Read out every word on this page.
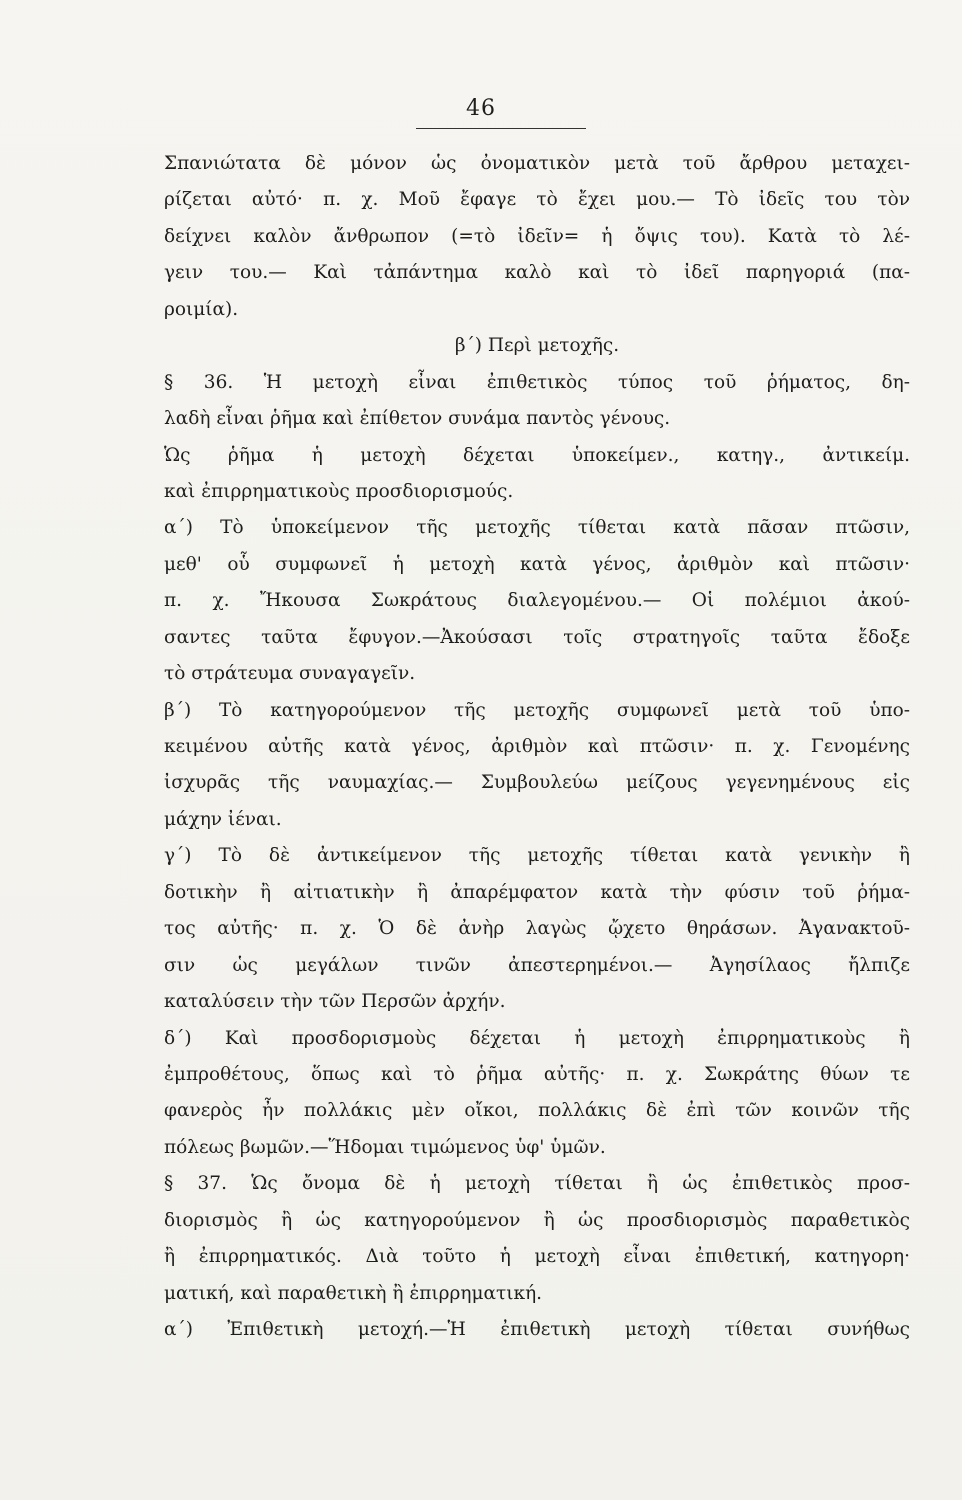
46
Σπανιώτατα δὲ μόνον ὡς ὀνοματικὸν μετὰ τοῦ ἄρθρου μεταχει-
ρίζεται αὐτό· π. χ. Μοῦ ἔφαγε τὸ ἔχει μου.— Τὸ ἰδεῖς του τὸν
δείχνει καλὸν ἄνθρωπον (=τὸ ἰδεῖν= ἡ ὄψις του). Κατὰ τὸ λέ-
γειν του.— Καὶ τἀπάντημα καλὸ καὶ τὸ ἰδεῖ παρηγοριά (πα-
ροιμία).
β΄) Περὶ μετοχῆς.
§ 36. Ἡ μετοχὴ εἶναι ἐπιθετικὸς τύπος τοῦ ῥήματος, δη-
λαδὴ εἶναι ῥῆμα καὶ ἐπίθετον συνάμα παντὸς γένους.
Ὡς ῥῆμα ἡ μετοχὴ δέχεται ὑποκείμεν., κατηγ., ἀντικείμ.
καὶ ἐπιρρηματικοὺς προσδιορισμούς.
α΄) Τὸ ὑποκείμενον τῆς μετοχῆς τίθεται κατὰ πᾶσαν πτῶσιν,
μεθ' οὗ συμφωνεῖ ἡ μετοχὴ κατὰ γένος, ἀριθμὸν καὶ πτῶσιν·
π. χ. Ἤκουσα Σωκράτους διαλεγομένου.— Οἱ πολέμιοι ἀκού-
σαντες ταῦτα ἔφυγον.—Ἀκούσασι τοῖς στρατηγοῖς ταῦτα ἔδοξε
τὸ στράτευμα συναγαγεῖν.
β΄) Τὸ κατηγορούμενον τῆς μετοχῆς συμφωνεῖ μετὰ τοῦ ὑπο-
κειμένου αὐτῆς κατὰ γένος, ἀριθμὸν καὶ πτῶσιν· π. χ. Γενομένης
ἰσχυρᾶς τῆς ναυμαχίας.— Συμβουλεύω μείζους γεγενημένους εἰς
μάχην ἰέναι.
γ΄) Τὸ δὲ ἀντικείμενον τῆς μετοχῆς τίθεται κατὰ γενικὴν ἢ
δοτικὴν ἢ αἰτιατικὴν ἢ ἀπαρέμφατον κατὰ τὴν φύσιν τοῦ ῥήμα-
τος αὐτῆς· π. χ. Ὁ δὲ ἀνὴρ λαγὼς ᾤχετο θηράσων. Ἀγανακτοῦ-
σιν ὡς μεγάλων τινῶν ἀπεστερημένοι.— Ἀγησίλαος ἤλπιζε
καταλύσειν τὴν τῶν Περσῶν ἀρχήν.
δ΄) Καὶ προσδορισμοὺς δέχεται ἡ μετοχὴ ἐπιρρηματικοὺς ἢ
ἐμπροθέτους, ὅπως καὶ τὸ ῥῆμα αὐτῆς· π. χ. Σωκράτης θύων τε
φανερὸς ἦν πολλάκις μὲν οἴκοι, πολλάκις δὲ ἐπὶ τῶν κοινῶν τῆς
πόλεως βωμῶν.—Ἥδομαι τιμώμενος ὑφ' ὑμῶν.
§ 37. Ὡς ὄνομα δὲ ἡ μετοχὴ τίθεται ἢ ὡς ἐπιθετικὸς προσ-
διορισμὸς ἢ ὡς κατηγορούμενον ἢ ὡς προσδιορισμὸς παραθετικὸς
ἢ ἐπιρρηματικός. Διὰ τοῦτο ἡ μετοχὴ εἶναι ἐπιθετική, κατηγορη·
ματική, καὶ παραθετικὴ ἢ ἐπιρρηματική.
α΄) Ἐπιθετικὴ μετοχή.—Ἡ ἐπιθετικὴ μετοχὴ τίθεται συνήθως
